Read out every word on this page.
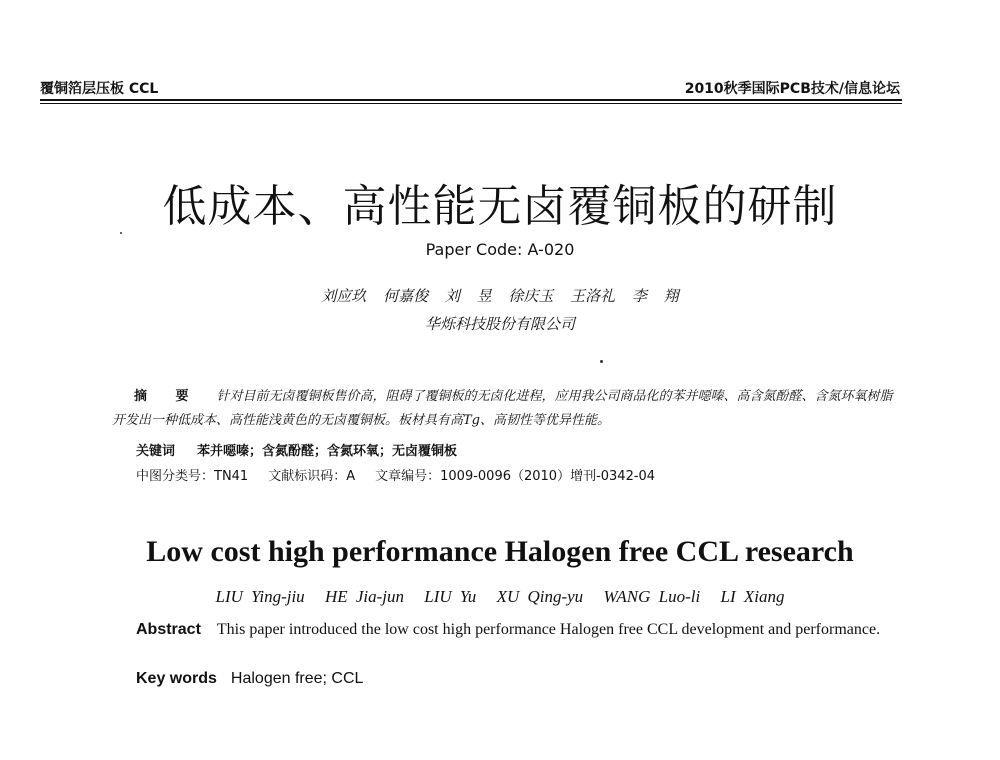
覆铜箔层压板 CCL	2010秋季国际PCB技术/信息论坛
低成本、高性能无卤覆铜板的研制
Paper Code: A-020
刘应玖 何嘉俊 刘 昱 徐庆玉 王洛礼 李 翔
华烁科技股份有限公司
摘 要 针对目前无卤覆铜板售价高，阻碍了覆铜板的无卤化进程，应用我公司商品化的苯并噁嗪、高含氮酚醛、含氮环氧树脂开发出一种低成本、高性能浅黄色的无卤覆铜板。板材具有高Tg、高韧性等优异性能。
关键词 苯并噁嗪；含氮酚醛；含氮环氧；无卤覆铜板
中图分类号：TN41 文献标识码：A 文章编号：1009-0096（2010）增刊-0342-04
Low cost high performance Halogen free CCL research
LIU Ying-jiu HE Jia-jun LIU Yu XU Qing-yu WANG Luo-li LI Xiang
Abstract This paper introduced the low cost high performance Halogen free CCL development and performance.
Key words Halogen free; CCL
